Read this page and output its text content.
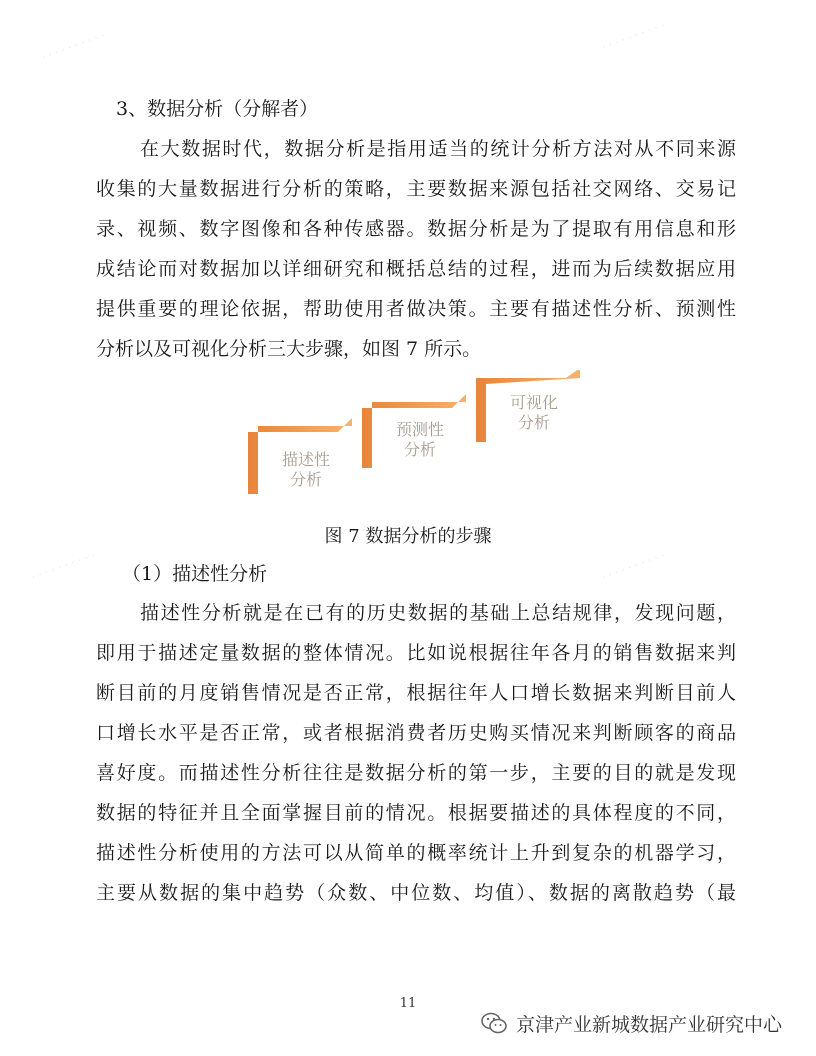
· · · · · · · · · ·	· · · · · · · · · ·
· · · · · · · · · ·	· · · · · · · · · ·
3、数据分析（分解者）
在大数据时代，数据分析是指用适当的统计分析方法对从不同来源
收集的大量数据进行分析的策略，主要数据来源包括社交网络、交易记
录、视频、数字图像和各种传感器。数据分析是为了提取有用信息和形
成结论而对数据加以详细研究和概括总结的过程，进而为后续数据应用
提供重要的理论依据，帮助使用者做决策。主要有描述性分析、预测性
分析以及可视化分析三大步骤，如图 7 所示。
描述性
分析
预测性
分析
可视化
分析
图 7 数据分析的步骤
（1）描述性分析
描述性分析就是在已有的历史数据的基础上总结规律，发现问题，
即用于描述定量数据的整体情况。比如说根据往年各月的销售数据来判
断目前的月度销售情况是否正常，根据往年人口增长数据来判断目前人
口增长水平是否正常，或者根据消费者历史购买情况来判断顾客的商品
喜好度。而描述性分析往往是数据分析的第一步，主要的目的就是发现
数据的特征并且全面掌握目前的情况。根据要描述的具体程度的不同，
描述性分析使用的方法可以从简单的概率统计上升到复杂的机器学习，
主要从数据的集中趋势（众数、中位数、均值）、数据的离散趋势（最
11
京津产业新城数据产业研究中心
